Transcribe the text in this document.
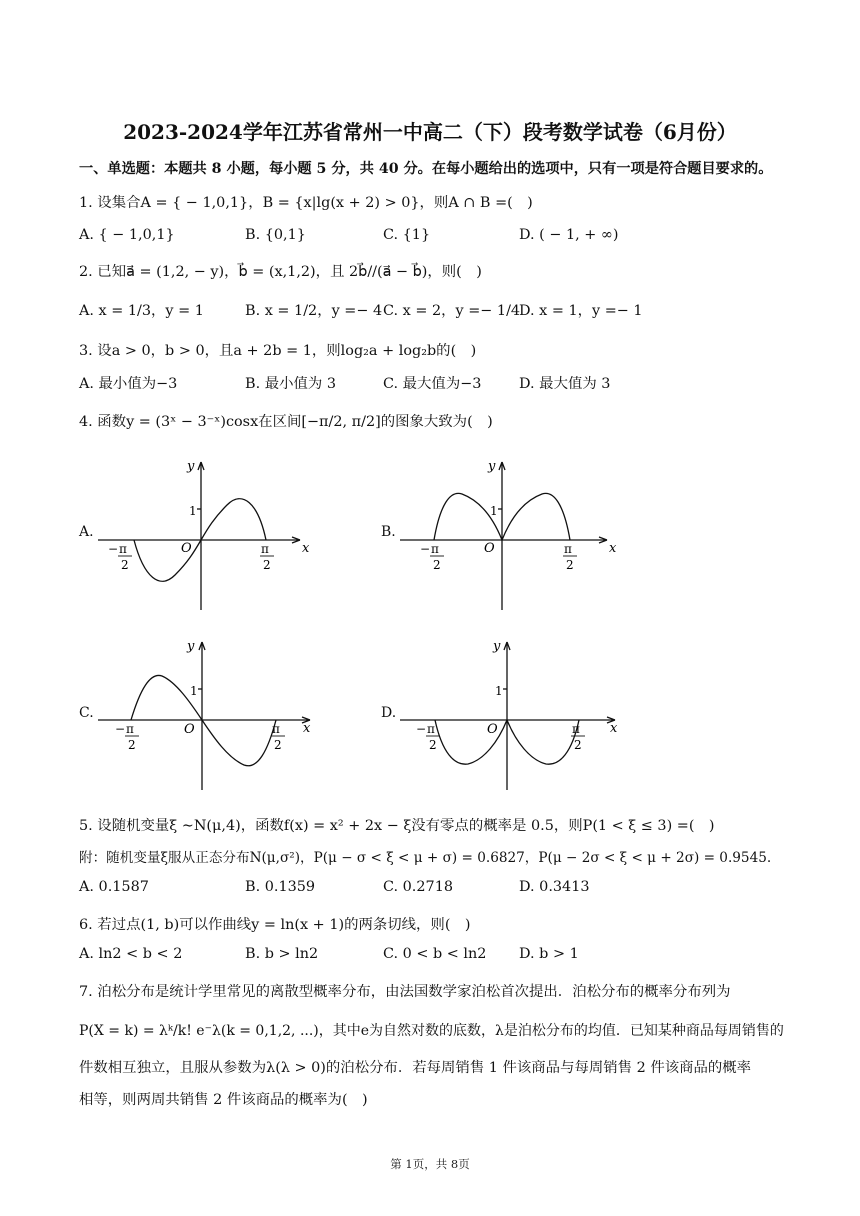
2023-2024学年江苏省常州一中高二（下）段考数学试卷（6月份）
一、单选题：本题共 8 小题，每小题 5 分，共 40 分。在每小题给出的选项中，只有一项是符合题目要求的。
1. 设集合A = { − 1,0,1}，B = {x|lg(x + 2) > 0}，则A ∩ B =(　)
A. { − 1,0,1}	B. {0,1}	C. {1}	D. ( − 1, + ∞)
2. 已知a⃗ = (1,2, − y)，b⃗ = (x,1,2)，且 2b⃗//(a⃗ − b⃗)，则(　)
A. x = 1/3，y = 1	B. x = 1/2，y =− 4 C. x = 2，y =− 1/4
D. x = 1，y =− 1
3. 设a > 0，b > 0，且a + 2b = 1，则log₂a + log₂b的(　)
A. 最小值为−3	B. 最小值为 3	C. 最大值为−3	D. 最大值为 3
4. 函数y = (3ˣ − 3⁻ˣ)cosx在区间[−π/2, π/2]的图象大致为(　)
A.	B.
C.	D.
y
x
O
1
− π
2
π
2
y
x
O
1
− π
2
π
2
y
x
O
1
− π
2
π
2
y
x
O
1
− π
2
π
2
5. 设随机变量ξ ∼N(μ,4)，函数f(x) = x² + 2x − ξ没有零点的概率是 0.5，则P(1 < ξ ≤ 3) =(　)
附：随机变量ξ服从正态分布N(μ,σ²)，P(μ − σ < ξ < μ + σ) = 0.6827，P(μ − 2σ < ξ < μ + 2σ) = 0.9545.
A. 0.1587	B. 0.1359	C. 0.2718	D. 0.3413
6. 若过点(1, b)可以作曲线y = ln(x + 1)的两条切线，则(　)
A. ln2 < b < 2	B. b > ln2	C. 0 < b < ln2 D. b > 1
7. 泊松分布是统计学里常见的离散型概率分布，由法国数学家泊松首次提出．泊松分布的概率分布列为
P(X = k) = λᵏ/k! e⁻λ(k = 0,1,2, ...)，其中e为自然对数的底数，λ是泊松分布的均值．已知某种商品每周销售的
件数相互独立，且服从参数为λ(λ > 0)的泊松分布．若每周销售 1 件该商品与每周销售 2 件该商品的概率
相等，则两周共销售 2 件该商品的概率为(　)
第 1页，共 8页
